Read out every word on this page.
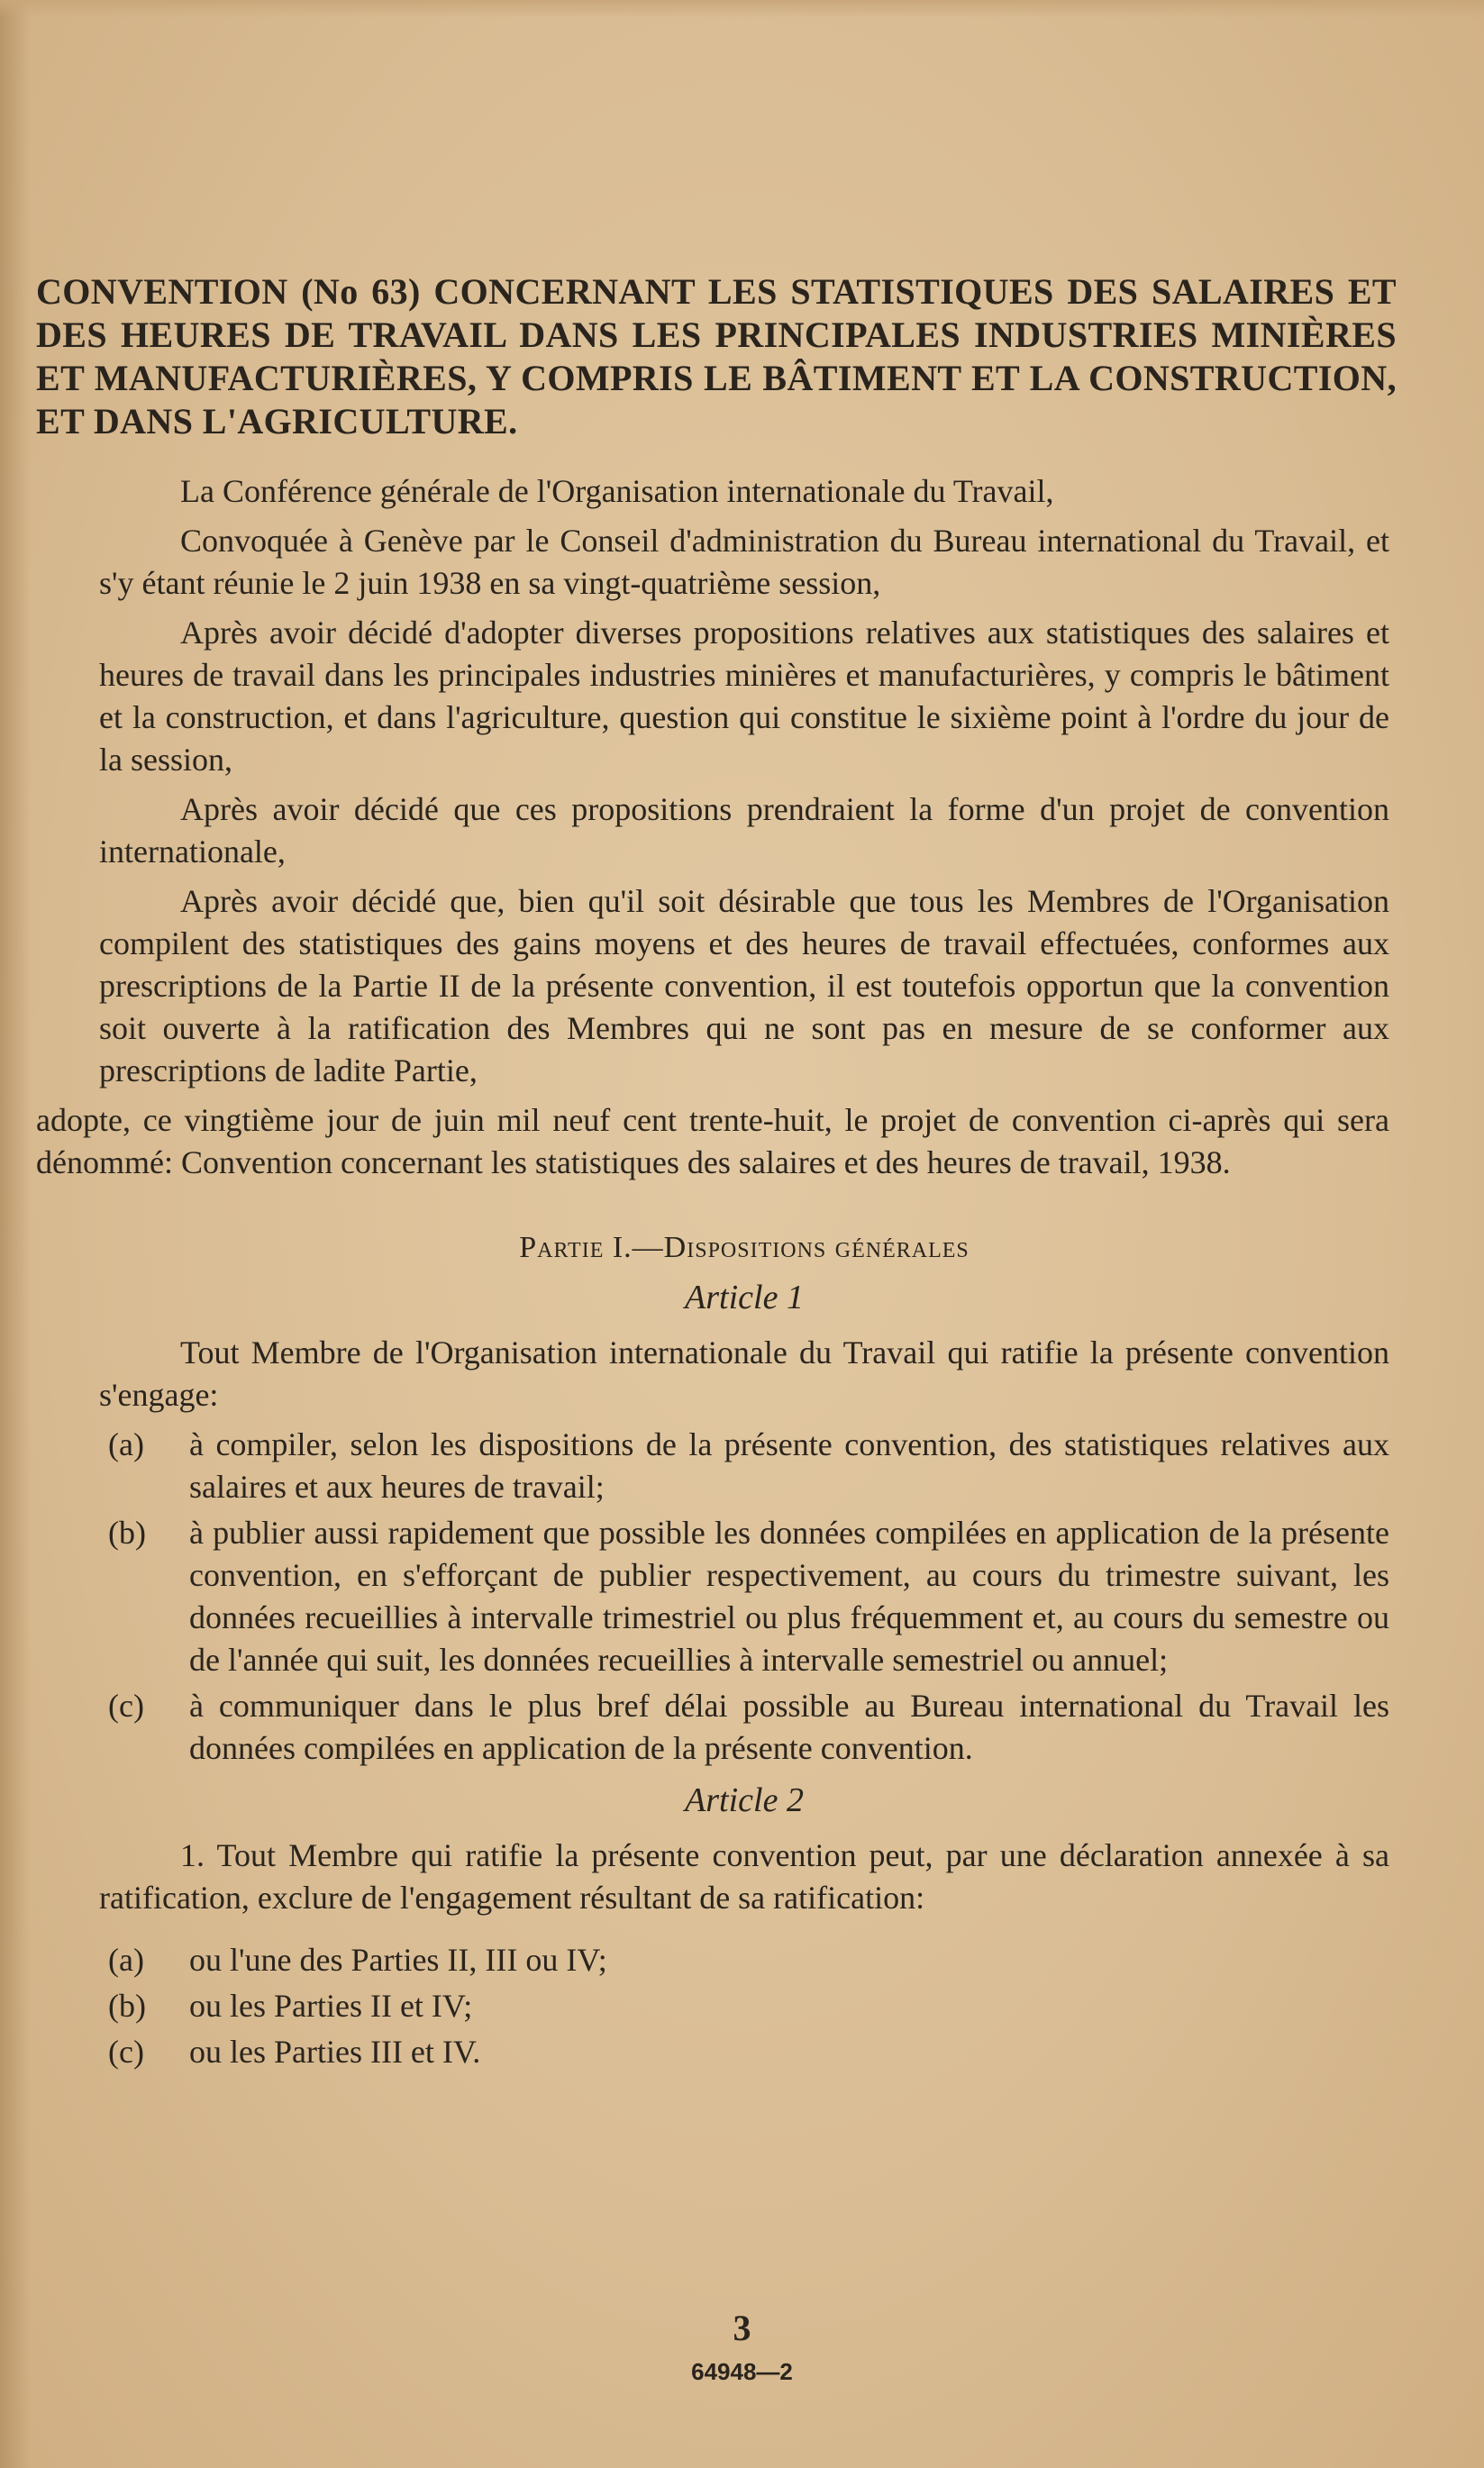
CONVENTION (No 63) CONCERNANT LES STATISTIQUES DES SALAIRES ET DES HEURES DE TRAVAIL DANS LES PRINCIPALES INDUSTRIES MINIÈRES ET MANUFACTURIÈRES, Y COMPRIS LE BÂTIMENT ET LA CONSTRUCTION, ET DANS L'AGRICULTURE.

La Conférence générale de l'Organisation internationale du Travail,

Convoquée à Genève par le Conseil d'administration du Bureau international du Travail, et s'y étant réunie le 2 juin 1938 en sa vingt-quatrième session,

Après avoir décidé d'adopter diverses propositions relatives aux statistiques des salaires et heures de travail dans les principales industries minières et manufacturières, y compris le bâtiment et la construction, et dans l'agriculture, question qui constitue le sixième point à l'ordre du jour de la session,

Après avoir décidé que ces propositions prendraient la forme d'un projet de convention internationale,

Après avoir décidé que, bien qu'il soit désirable que tous les Membres de l'Organisation compilent des statistiques des gains moyens et des heures de travail effectuées, conformes aux prescriptions de la Partie II de la présente convention, il est toutefois opportun que la convention soit ouverte à la ratification des Membres qui ne sont pas en mesure de se conformer aux prescriptions de ladite Partie,

adopte, ce vingtième jour de juin mil neuf cent trente-huit, le projet de convention ci-après qui sera dénommé: Convention concernant les statistiques des salaires et des heures de travail, 1938.

Partie I.—Dispositions générales
Article 1

Tout Membre de l'Organisation internationale du Travail qui ratifie la présente convention s'engage:

(a)	à compiler, selon les dispositions de la présente convention, des statistiques relatives aux salaires et aux heures de travail;
(b)	à publier aussi rapidement que possible les données compilées en application de la présente convention, en s'efforçant de publier respectivement, au cours du trimestre suivant, les données recueillies à intervalle trimestriel ou plus fréquemment et, au cours du semestre ou de l'année qui suit, les données recueillies à intervalle semestriel ou annuel;
(c)	à communiquer dans le plus bref délai possible au Bureau international du Travail les données compilées en application de la présente convention.
Article 2

1. Tout Membre qui ratifie la présente convention peut, par une déclaration annexée à sa ratification, exclure de l'engagement résultant de sa ratification:

(a)	ou l'une des Parties II, III ou IV;
(b)	ou les Parties II et IV;
(c)	ou les Parties III et IV.
3
64948—2
